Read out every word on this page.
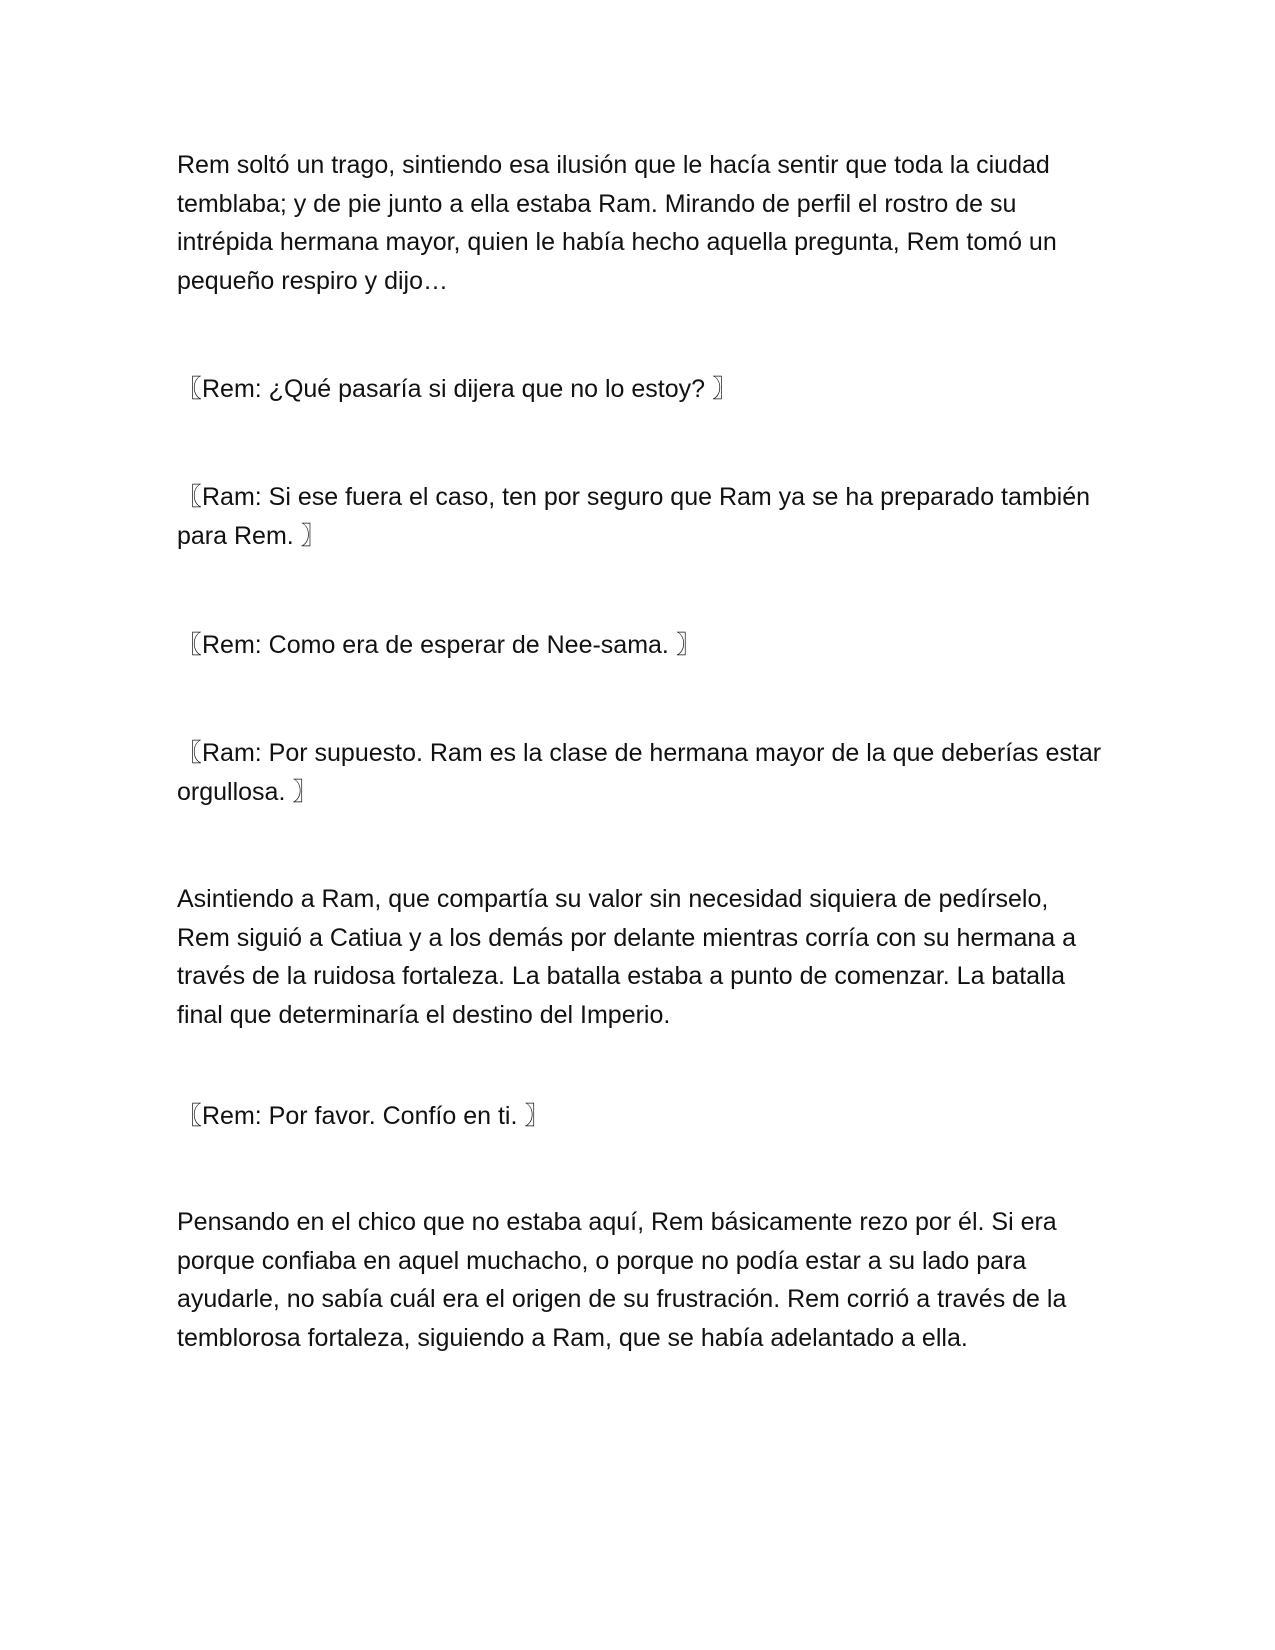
Rem soltó un trago, sintiendo esa ilusión que le hacía sentir que toda la ciudad temblaba; y de pie junto a ella estaba Ram. Mirando de perfil el rostro de su intrépida hermana mayor, quien le había hecho aquella pregunta, Rem tomó un pequeño respiro y dijo…

〖Rem: ¿Qué pasaría si dijera que no lo estoy? 〗

〖Ram: Si ese fuera el caso, ten por seguro que Ram ya se ha preparado también para Rem. 〗

〖Rem: Como era de esperar de Nee-sama. 〗

〖Ram: Por supuesto. Ram es la clase de hermana mayor de la que deberías estar orgullosa. 〗

Asintiendo a Ram, que compartía su valor sin necesidad siquiera de pedírselo, Rem siguió a Catiua y a los demás por delante mientras corría con su hermana a través de la ruidosa fortaleza. La batalla estaba a punto de comenzar. La batalla final que determinaría el destino del Imperio.

〖Rem: Por favor. Confío en ti. 〗

Pensando en el chico que no estaba aquí, Rem básicamente rezo por él. Si era porque confiaba en aquel muchacho, o porque no podía estar a su lado para ayudarle, no sabía cuál era el origen de su frustración. Rem corrió a través de la temblorosa fortaleza, siguiendo a Ram, que se había adelantado a ella.
